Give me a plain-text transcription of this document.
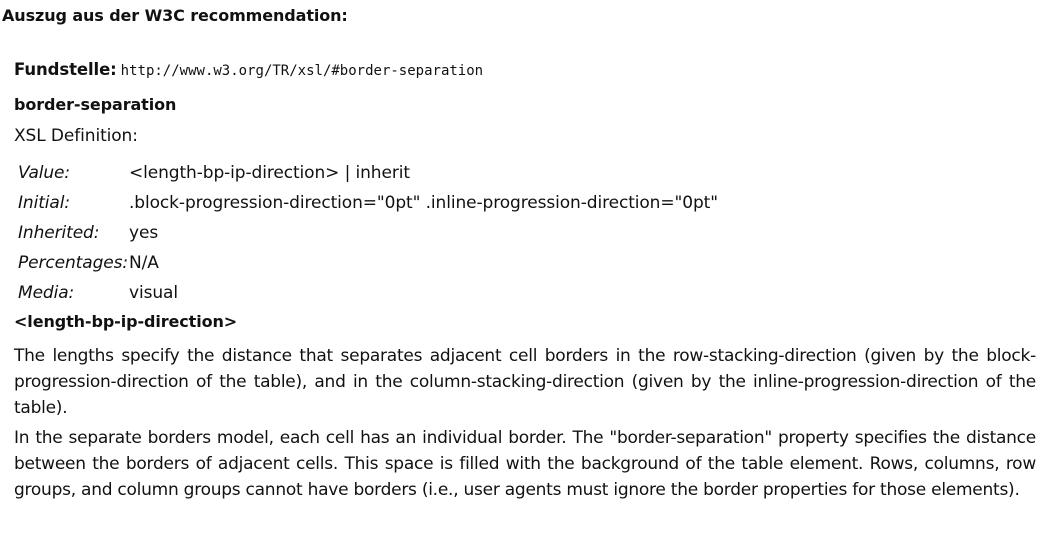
Auszug aus der W3C recommendation:
Fundstelle: http://www.w3.org/TR/xsl/#border-separation
border-separation
XSL Definition:
Value:	<length-bp-ip-direction> | inherit
Initial:	.block-progression-direction="0pt" .inline-progression-direction="0pt"
Inherited:	yes
Percentages:	N/A
Media:	visual
<length-bp-ip-direction>

The lengths specify the distance that separates adjacent cell borders in the row-stacking-direction (given by the block-progression-direction of the table), and in the column-stacking-direction (given by the inline-progression-direction of the table).

In the separate borders model, each cell has an individual border. The "border-separation" property specifies the distance between the borders of adjacent cells. This space is filled with the background of the table element. Rows, columns, row groups, and column groups cannot have borders (i.e., user agents must ignore the border properties for those elements).
